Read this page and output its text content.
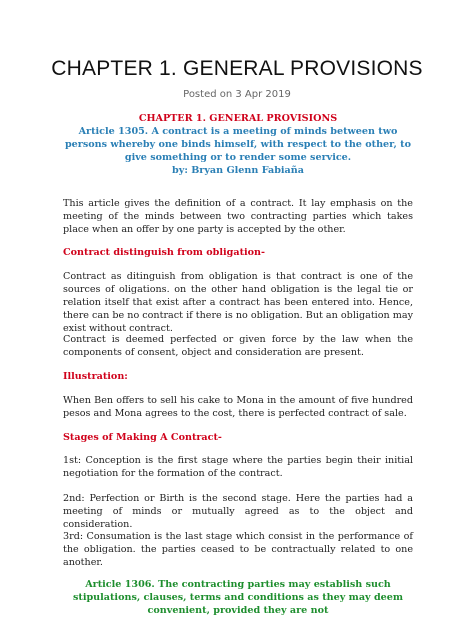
CHAPTER 1. GENERAL PROVISIONS
Posted on 3 Apr 2019

CHAPTER 1. GENERAL PROVISIONS

Article 1305. A contract is a meeting of minds between two persons whereby one binds himself, with respect to the other, to give something or to render some service.

by: Bryan Glenn Fabiaña

This article gives the definition of a contract. It lay emphasis on the meeting of the minds between two contracting parties which takes place when an offer by one party is accepted by the other.
Contract distinguish from obligation-
Contract as ditinguish from obligation is that contract is one of the sources of oligations. on the other hand obligation is the legal tie or relation itself that exist after a contract has been entered into. Hence, there can be no contract if there is no obligation. But an obligation may exist without contract.
Contract is deemed perfected or given force by the law when the components of consent, object and consideration are present.
Illustration:
When Ben offers to sell his cake to Mona in the amount of five hundred pesos and Mona agrees to the cost, there is perfected contract of sale.
Stages of Making A Contract-
1st: Conception is the first stage where the parties begin their initial negotiation for the formation of the contract.
2nd: Perfection or Birth is the second stage. Here the parties had a meeting of minds or mutually agreed as to the object and consideration.
3rd: Consumation is the last stage which consist in the performance of the obligation. the parties ceased to be contractually related to one another.
Article 1306. The contracting parties may establish such stipulations, clauses, terms and conditions as they may deem convenient, provided they are not
